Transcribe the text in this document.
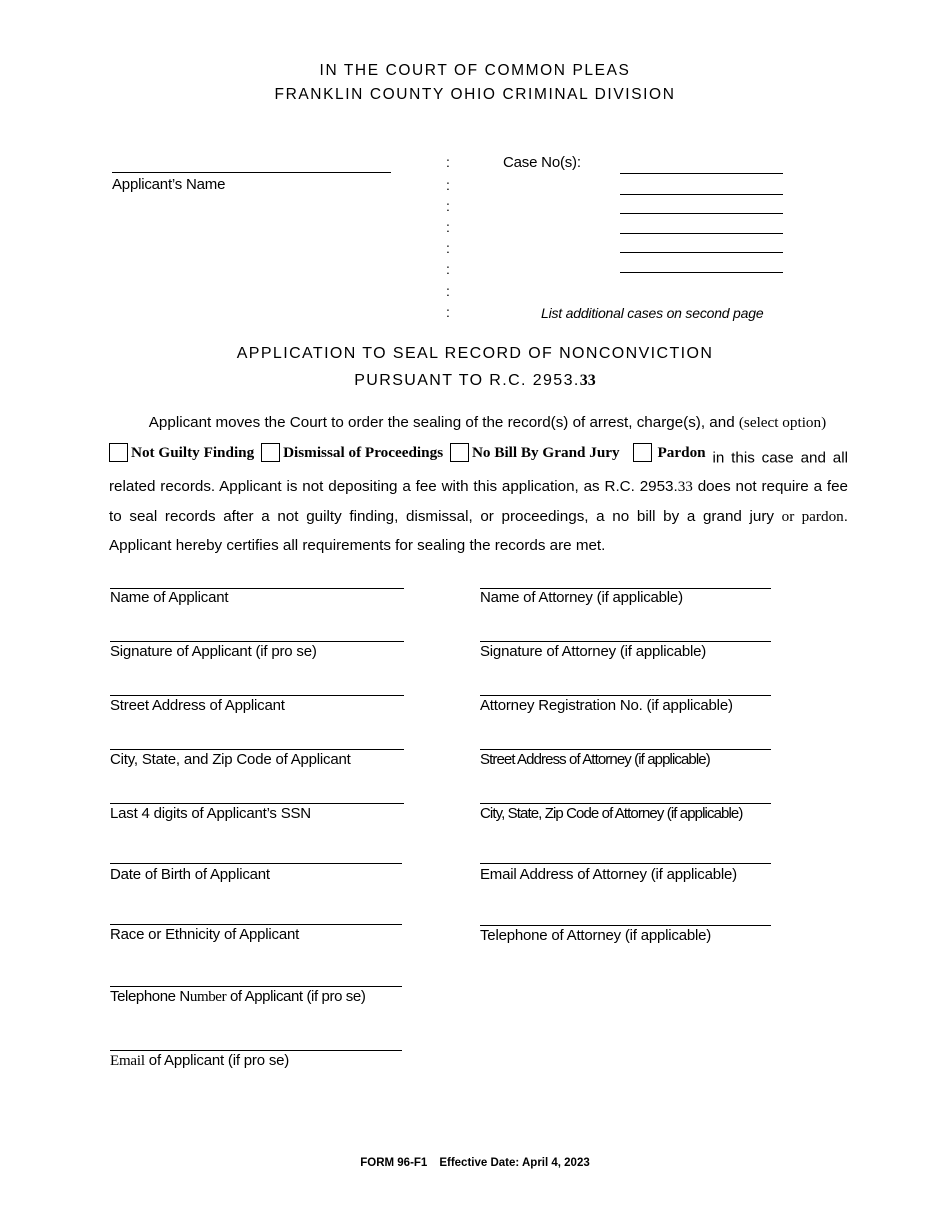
IN THE COURT OF COMMON PLEAS
FRANKLIN COUNTY OHIO CRIMINAL DIVISION
Applicant’s Name
:
:
:
:
:
:
:
:
Case No(s):
List additional cases on second page
APPLICATION TO SEAL RECORD OF NONCONVICTION
PURSUANT TO R.C. 2953.33
Applicant moves the Court to order the sealing of the record(s) of arrest, charge(s), and (select option)
Not Guilty Finding
Dismissal of Proceedings
No Bill By Grand Jury
Pardon in this case and all related records. Applicant is not depositing a fee with this application, as R.C. 2953.33 does not require a fee to seal records after a not guilty finding, dismissal, or proceedings, a no bill by a grand jury or pardon. Applicant hereby certifies all requirements for sealing the records are met.
Name of Applicant
Signature of Applicant (if pro se)
Street Address of Applicant
City, State, and Zip Code of Applicant
Last 4 digits of Applicant’s SSN
Date of Birth of Applicant
Race or Ethnicity of Applicant
Telephone Number of Applicant (if pro se)
Email of Applicant (if pro se)
Name of Attorney (if applicable)
Signature of Attorney (if applicable)
Attorney Registration No. (if applicable)
Street Address of Attorney (if applicable)
City, State, Zip Code of Attorney (if applicable)
Email Address of Attorney (if applicable)
Telephone of Attorney (if applicable)
FORM 96-F1 Effective Date: April 4, 2023
